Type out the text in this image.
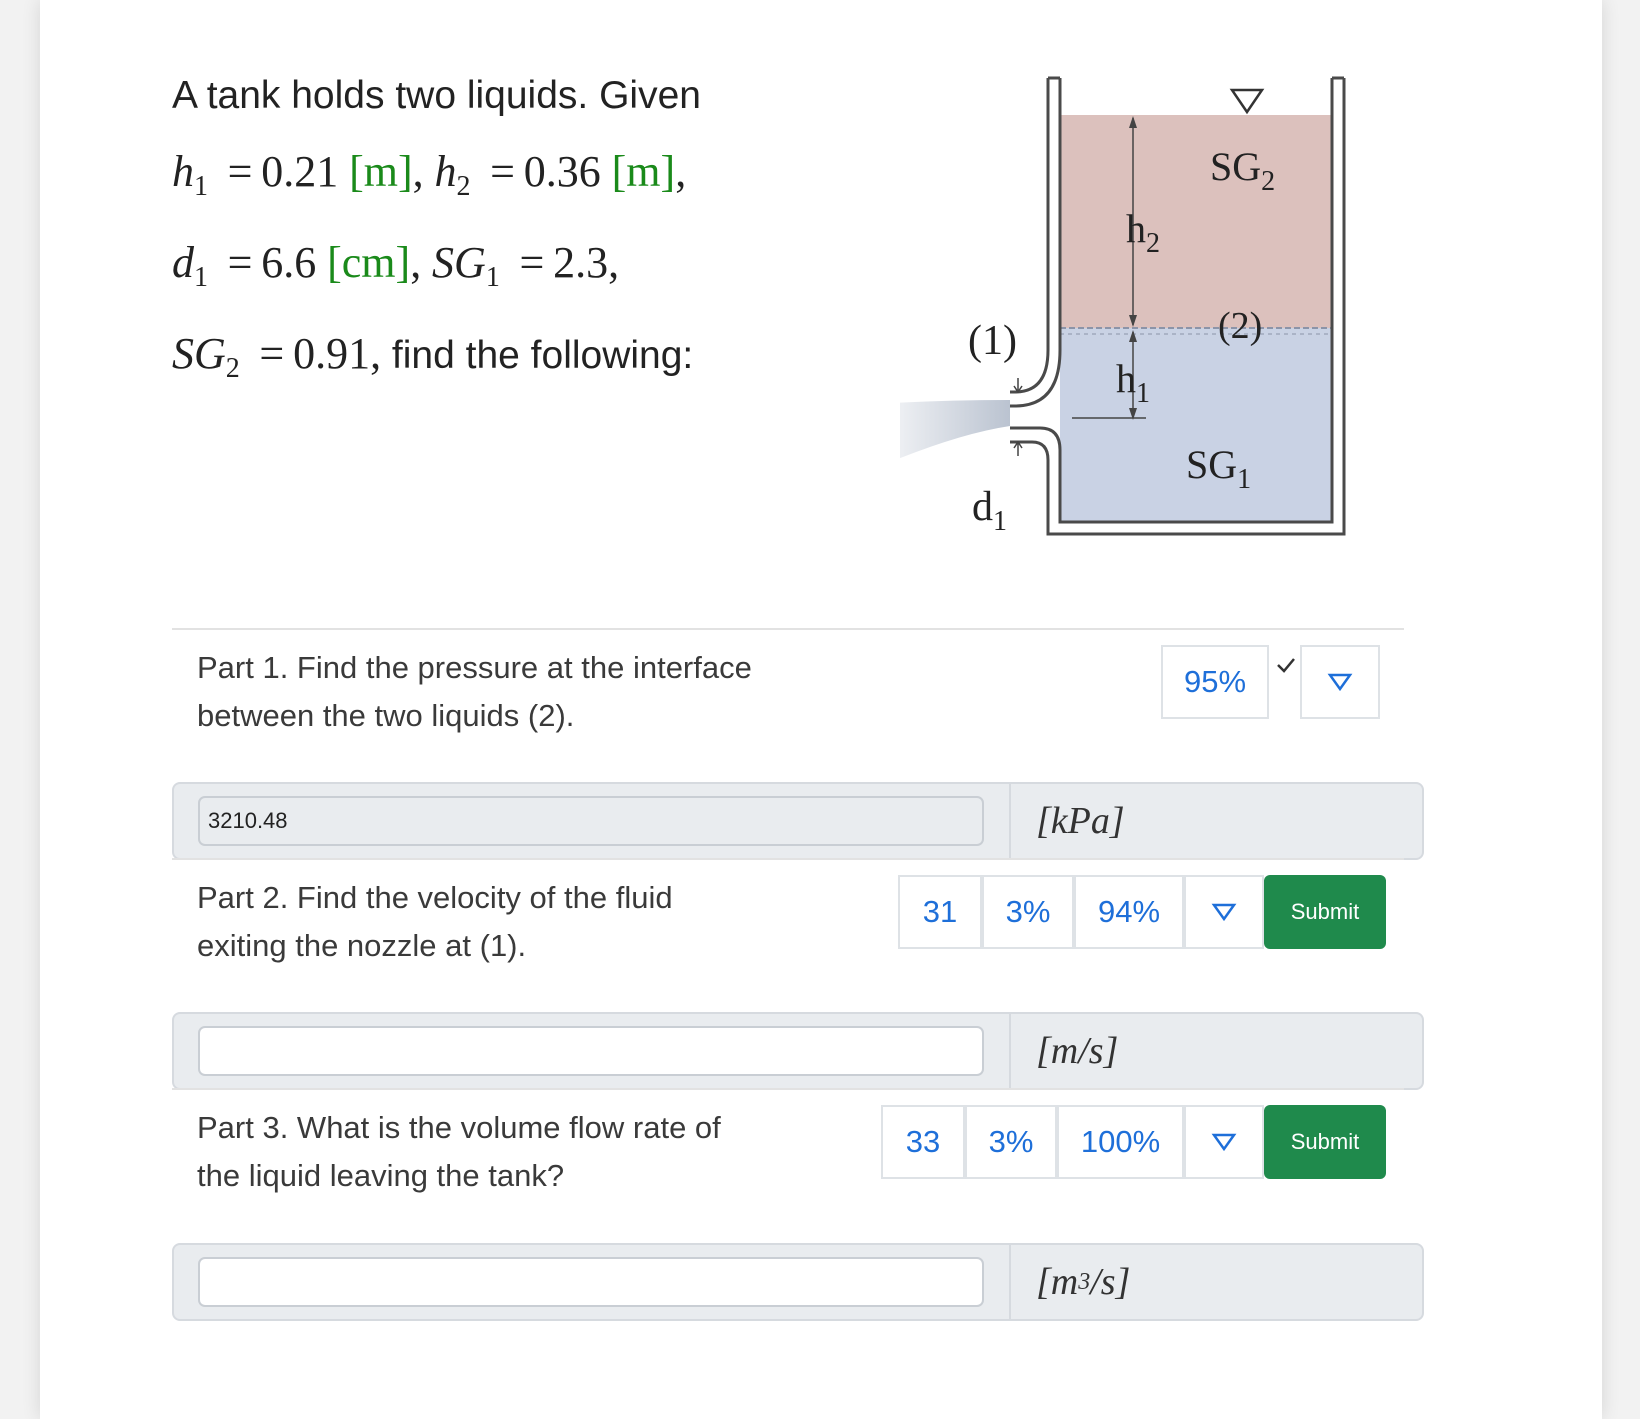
A tank holds two liquids. Given
$h_1 = 0.21$ [m], $h_2 = 0.36$ [m],
$d_1 = 6.6$ [cm], $SG_1 = 2.3$,
$SG_2 = 0.91$, find the following:
$SG_2$
$h_2$
(2)
(1)
$h_1$
$SG_1$
$d_1$
Part 1. Find the pressure at the interface
between the two liquids (2).
95%
3210.48
[kPa]
Part 2. Find the velocity of the fluid
exiting the nozzle at (1).
31	3%	94%	Submit
[m/s]
Part 3. What is the volume flow rate of
the liquid leaving the tank?
33	3%	100%	Submit
[m 3 /s]
